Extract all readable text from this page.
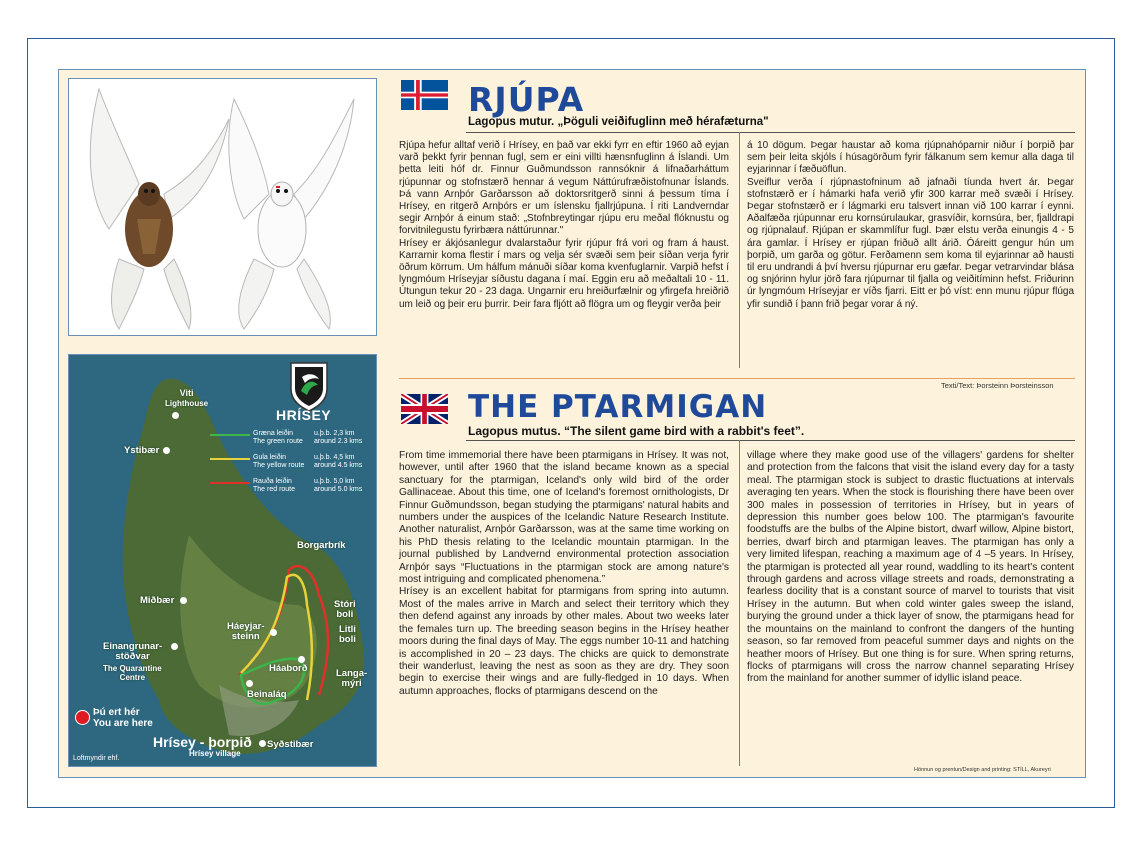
HRÍSEY
Græna leiðin
The green route
u.þ.b. 2,3 km
around 2.3 kms
Gula leiðin
The yellow route
u.þ.b. 4,5 km
around 4.5 kms
Rauða leiðin
The red route
u.þ.b. 5,0 km
around 5.0 kms
Viti
Lighthouse
Ystibær
Borgarbrík
Miðbær	Stóri
boli
Litli
boli
Háeyjar-
steinn
Einangrunar-
stöðvar
The Quarantine
Centre
Háaborð	Langa-
mýri
Beinaláq
Syðstibær
Þú ert hér
You are here
Hrísey - þorpið
Hrísey village
Loftmyndir ehf.
RJÚPA
Lagopus mutur. „Þöguli veiðifuglinn með hérafæturna"

Rjúpa hefur alltaf verið í Hrísey, en það var ekki fyrr en eftir 1960 að eyjan varð þekkt fyrir þennan fugl, sem er eini villti hænsnfuglinn á Íslandi. Um þetta leiti hóf dr. Finnur Guðmundsson rannsóknir á lifnaðarháttum rjúpunnar og stofnstærð hennar á vegum Náttúrufræðistofnunar Íslands. Þá vann Arnþór Garðarsson að doktorsritgerð sinni á þessum tíma í Hrísey, en ritgerð Arnþórs er um íslensku fjallrjúpuna. Í riti Landverndar segir Arnþór á einum stað: „Stofnbreytingar rjúpu eru meðal flóknustu og forvitnilegustu fyrirbæra náttúrunnar."

Hrísey er ákjósanlegur dvalarstaður fyrir rjúpur frá vori og fram á haust. Karrarnir koma flestir í mars og velja sér svæði sem þeir síðan verja fyrir öðrum körrum. Um hálfum mánuði síðar koma kvenfuglarnir. Varpið hefst í lyngmóum Hríseyjar síðustu dagana í maí. Eggin eru að meðaltali 10 - 11. Útungun tekur 20 - 23 daga. Ungarnir eru hreiðurfælnir og yfirgefa hreiðrið um leið og þeir eru þurrir. Þeir fara fljótt að flögra um og fleygir verða þeir

á 10 dögum. Þegar haustar að koma rjúpnahóparnir niður í þorpið þar sem þeir leita skjóls í húsagörðum fyrir fálkanum sem kemur alla daga til eyjarinnar í fæðuöflun.

Sveiflur verða í rjúpnastofninum að jafnaði tíunda hvert ár. Þegar stofnstærð er í hámarki hafa verið yfir 300 karrar með svæði í Hrísey. Þegar stofnstærð er í lágmarki eru talsvert innan við 100 karrar í eynni. Aðalfæða rjúpunnar eru kornsúrulaukar, grasvíðir, kornsúra, ber, fjalldrapi og rjúpnalauf. Rjúpan er skammlífur fugl. Þær elstu verða einungis 4 - 5 ára gamlar. Í Hrísey er rjúpan friðuð allt árið. Óáreitt gengur hún um þorpið, um garða og götur. Ferðamenn sem koma til eyjarinnar að hausti til eru undrandi á því hversu rjúpurnar eru gæfar. Þegar vetrarvindar blása og snjórinn hylur jörð fara rjúpurnar til fjalla og veiðitíminn hefst. Friðurinn úr lyngmóum Hríseyjar er víðs fjarri. Eitt er þó víst: enn munu rjúpur flúga yfir sundið í þann frið þegar vorar á ný.

Texti/Text: Þorsteinn Þorsteinsson
THE PTARMIGAN
Lagopus mutus. “The silent game bird with a rabbit's feet”.

From time immemorial there have been ptarmigans in Hrísey. It was not, however, until after 1960 that the island became known as a special sanctuary for the ptarmigan, Iceland's only wild bird of the order Gallinaceae. About this time, one of Iceland's foremost ornithologists, Dr Finnur Guðmundsson, began studying the ptarmigans' natural habits and numbers under the auspices of the Icelandic Nature Research Institute. Another naturalist, Arnþór Garðarsson, was at the same time working on his PhD thesis relating to the Icelandic mountain ptarmigan. In the journal published by Landvernd environmental protection association Arnþór says “Fluctuations in the ptarmigan stock are among nature's most intriguing and complicated phenomena.”

Hrísey is an excellent habitat for ptarmigans from spring into autumn. Most of the males arrive in March and select their territory which they then defend against any inroads by other males. About two weeks later the females turn up. The breeding season begins in the Hrísey heather moors during the final days of May. The eggs number 10-11 and hatching is accomplished in 20 – 23 days. The chicks are quick to demonstrate their wanderlust, leaving the nest as soon as they are dry. They soon begin to exercise their wings and are fully-fledged in 10 days. When autumn approaches, flocks of ptarmigans descend on the

village where they make good use of the villagers' gardens for shelter and protection from the falcons that visit the island every day for a tasty meal. The ptarmigan stock is subject to drastic fluctuations at intervals averaging ten years. When the stock is flourishing there have been over 300 males in possession of territories in Hrísey, but in years of depression this number goes below 100. The ptarmigan's favourite foodstuffs are the bulbs of the Alpine bistort, dwarf willow, Alpine bistort, berries, dwarf birch and ptarmigan leaves. The ptarmigan has only a very limited lifespan, reaching a maximum age of 4 –5 years. In Hrísey, the ptarmigan is protected all year round, waddling to its heart's content through gardens and across village streets and roads, demonstrating a fearless docility that is a constant source of marvel to tourists that visit Hrísey in the autumn. But when cold winter gales sweep the island, burying the ground under a thick layer of snow, the ptarmigans head for the mountains on the mainland to confront the dangers of the hunting season, so far removed from peaceful summer days and nights on the heather moors of Hrísey. But one thing is for sure. When spring returns, flocks of ptarmigans will cross the narrow channel separating Hrísey from the mainland for another summer of idyllic island peace.

Hönnun og prentun/Design and printing: STÍLL, Akureyri
